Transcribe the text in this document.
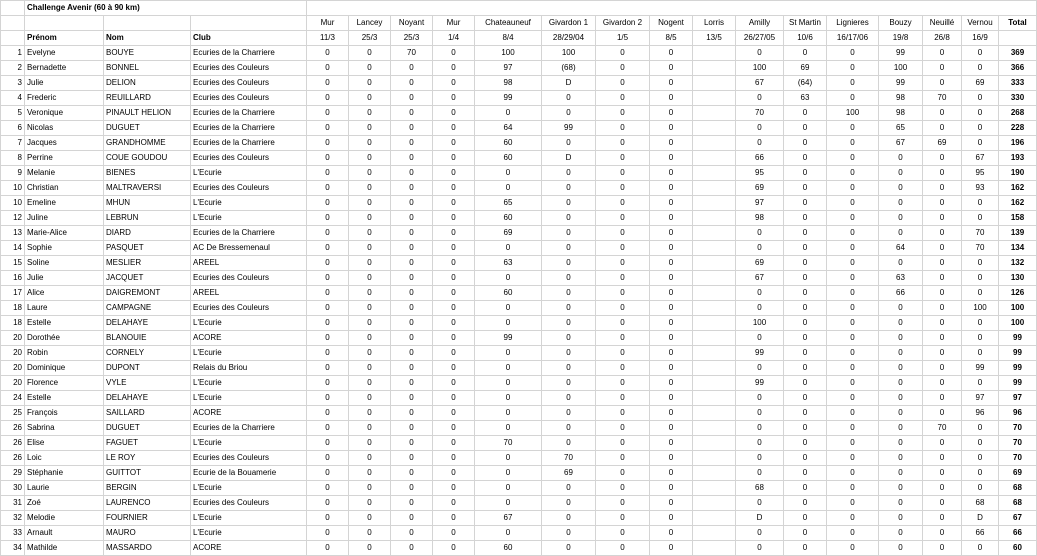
	Challenge Avenir (60 à 90 km)																		
				Mur	Lancey	Noyant	Mur	Chateauneuf	Givardon 1	Givardon 2	Nogent	Lorris	Amilly	St Martin	Lignieres	Bouzy	Neuillé	Vernou	Total
	Prénom	Nom	Club	11/3	25/3	25/3	1/4	8/4	28/29/04	1/5	8/5	13/5	26/27/05	10/6	16/17/06	19/8	26/8	16/9	
1	Evelyne	BOUYE	Ecuries de la Charriere	0	0	70	0	100	100	0	0		0	0	0	99	0	0	369
2	Bernadette	BONNEL	Ecuries des Couleurs	0	0	0	0	97	(68)	0	0		100	69	0	100	0	0	366
3	Julie	DELION	Ecuries des Couleurs	0	0	0	0	98	D	0	0		67	(64)	0	99	0	69	333
4	Frederic	REUILLARD	Ecuries des Couleurs	0	0	0	0	99	0	0	0		0	63	0	98	70	0	330
5	Veronique	PINAULT HELION	Ecuries de la Charriere	0	0	0	0	0	0	0	0		70	0	100	98	0	0	268
6	Nicolas	DUGUET	Ecuries de la Charriere	0	0	0	0	64	99	0	0		0	0	0	65	0	0	228
7	Jacques	GRANDHOMME	Ecuries de la Charriere	0	0	0	0	60	0	0	0		0	0	0	67	69	0	196
8	Perrine	COUE GOUDOU	Ecuries des Couleurs	0	0	0	0	60	D	0	0		66	0	0	0	0	67	193
9	Melanie	BIENES	L'Ecurie	0	0	0	0	0	0	0	0		95	0	0	0	0	95	190
10	Christian	MALTRAVERSI	Ecuries des Couleurs	0	0	0	0	0	0	0	0		69	0	0	0	0	93	162
10	Emeline	MHUN	L'Ecurie	0	0	0	0	65	0	0	0		97	0	0	0	0	0	162
12	Juline	LEBRUN	L'Ecurie	0	0	0	0	60	0	0	0		98	0	0	0	0	0	158
13	Marie-Alice	DIARD	Ecuries de la Charriere	0	0	0	0	69	0	0	0		0	0	0	0	0	70	139
14	Sophie	PASQUET	AC De Bressemenaul	0	0	0	0	0	0	0	0		0	0	0	64	0	70	134
15	Soline	MESLIER	AREEL	0	0	0	0	63	0	0	0		69	0	0	0	0	0	132
16	Julie	JACQUET	Ecuries des Couleurs	0	0	0	0	0	0	0	0		67	0	0	63	0	0	130
17	Alice	DAIGREMONT	AREEL	0	0	0	0	60	0	0	0		0	0	0	66	0	0	126
18	Laure	CAMPAGNE	Ecuries des Couleurs	0	0	0	0	0	0	0	0		0	0	0	0	0	100	100
18	Estelle	DELAHAYE	L'Ecurie	0	0	0	0	0	0	0	0		100	0	0	0	0	0	100
20	Dorothée	BLANOUIE	ACORE	0	0	0	0	99	0	0	0		0	0	0	0	0	0	99
20	Robin	CORNELY	L'Ecurie	0	0	0	0	0	0	0	0		99	0	0	0	0	0	99
20	Dominique	DUPONT	Relais du Briou	0	0	0	0	0	0	0	0		0	0	0	0	0	99	99
20	Florence	VYLE	L'Ecurie	0	0	0	0	0	0	0	0		99	0	0	0	0	0	99
24	Estelle	DELAHAYE	L'Ecurie	0	0	0	0	0	0	0	0		0	0	0	0	0	97	97
25	François	SAILLARD	ACORE	0	0	0	0	0	0	0	0		0	0	0	0	0	96	96
26	Sabrina	DUGUET	Ecuries de la Charriere	0	0	0	0	0	0	0	0		0	0	0	0	70	0	70
26	Elise	FAGUET	L'Ecurie	0	0	0	0	70	0	0	0		0	0	0	0	0	0	70
26	Loic	LE ROY	Ecuries des Couleurs	0	0	0	0	0	70	0	0		0	0	0	0	0	0	70
29	Stéphanie	GUITTOT	Ecurie de la Bouamerie	0	0	0	0	0	69	0	0		0	0	0	0	0	0	69
30	Laurie	BERGIN	L'Ecurie	0	0	0	0	0	0	0	0		68	0	0	0	0	0	68
31	Zoé	LAURENCO	Ecuries des Couleurs	0	0	0	0	0	0	0	0		0	0	0	0	0	68	68
32	Melodie	FOURNIER	L'Ecurie	0	0	0	0	67	0	0	0		D	0	0	0	0	D	67
33	Arnault	MAURO	L'Ecurie	0	0	0	0	0	0	0	0		0	0	0	0	0	66	66
34	Mathilde	MASSARDO	ACORE	0	0	0	0	60	0	0	0		0	0	0	0	0	0	60
